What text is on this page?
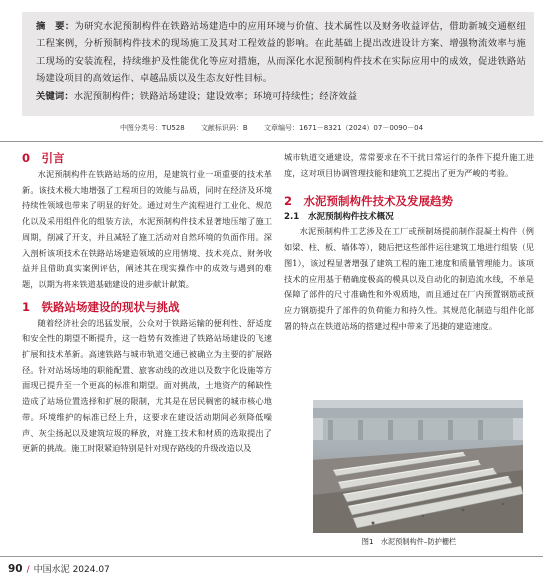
摘　要：为研究水泥预制构件在铁路站场建造中的应用环境与价值、技术属性以及财务收益评估，借助新城交通枢纽工程案例，分析预制构件技术的现场施工及其对工程效益的影响。在此基础上提出改进设计方案、增强物流效率与施工现场的安装流程，持续维护及性能优化等应对措施，从而深化水泥预制构件技术在实际应用中的成效，促进铁路站场建设项目的高效运作、卓越品质以及生态友好性目标。

关键词：水泥预制构件；铁路站场建设；建设效率；环境可持续性；经济效益

中图分类号：TU528 文献标识码：B 文章编号：1671－8321（2024）07－0090－04
0　引言

水泥预制构件在铁路站场的应用，是建筑行业一项重要的技术革新。该技术极大地增强了工程项目的效能与品质，同时在经济及环境持续性领域也带来了明显的好处。通过对生产流程进行工业化、规范化以及采用组件化的组装方法，水泥预制构件技术显著地压缩了施工周期，削减了开支，并且减轻了施工活动对自然环境的负面作用。深入剖析该项技术在铁路站场建造领域的应用情境、技术亮点、财务收益并且借助真实案例评估，阐述其在现实操作中的成效与遇到的难题，以期为将来铁道基础建设的进步献计献策。

1　铁路站场建设的现状与挑战

随着经济社会的迅猛发展，公众对于铁路运输的便利性、舒适度和安全性的期望不断提升，这一趋势有效推进了铁路站场建设的飞速扩展和技术革新。高速铁路与城市轨道交通已被确立为主要的扩展路径。针对站场场地的职能配置、旅客动线的改进以及数字化设施等方面现已提升至一个更高的标准和期望。面对挑战，土地资产的稀缺性造成了站场位置选择和扩展的限制，尤其是在居民稠密的城市核心地带。环境维护的标准已经上升，这要求在建设活动期间必须降低噪声、灰尘扬起以及建筑垃圾的释放，对施工技术和材质的选取提出了更新的挑战。施工时限紧迫特别是针对现存路线的升级改造以及

城市轨道交通建设，常常要求在不干扰日常运行的条件下提升施工进度，这对项目协调管理技能和建筑工艺提出了更为严峻的考验。

2　水泥预制构件技术及发展趋势
2.1　水泥预制构件技术概况

水泥预制构件工艺涉及在工厂或预制场提前制作混凝土构件（例如梁、柱、板、墙体等），随后把这些部件运往建筑工地进行组装（见图1），该过程显著增强了建筑工程的施工速度和质量管理能力。该项技术的应用基于精确度极高的模具以及自动化的制造流水线，不单是保障了部件的尺寸准确性和外观质地，而且通过在厂内预置钢筋或预应力钢筋提升了部件的负荷能力和持久性。其规范化制造与组件化部署的特点在铁道站场的搭建过程中带来了迅捷的建造速度。

图1　水泥预制构件–防护栅栏
90 / 中国水泥 2024.07
